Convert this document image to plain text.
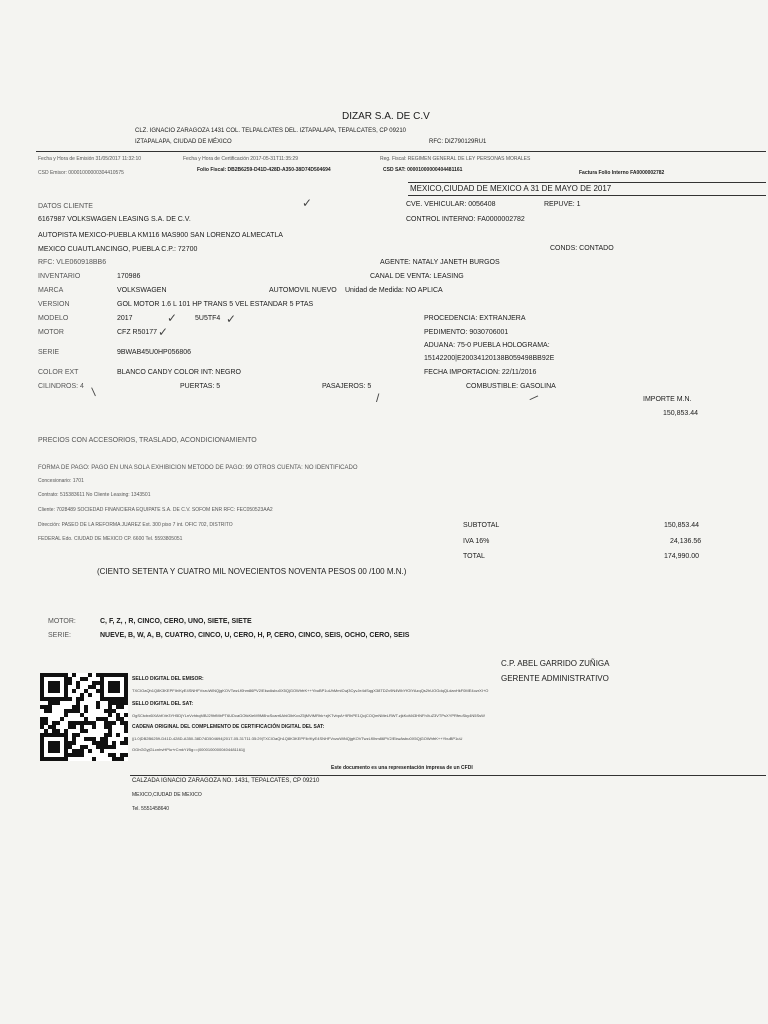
DIZAR S.A. DE C.V
CLZ. IGNACIO ZARAGOZA 1431 COL. TELPALCATES DEL. IZTAPALAPA, TEPALCATES, CP 09210
IZTAPALAPA, CIUDAD DE MÉXICO	RFC: DIZ790129RU1
Fecha y Hora de Emisión 31/05/2017 11:32:10	Fecha y Hora de Certificación 2017-05-31T11:35:29	Reg. Fiscal: REGIMEN GENERAL DE LEY PERSONAS MORALES
CSD Emisor: 00001000000304410575	Folio Fiscal: DB2B6259-D41D-428D-A350-38D74D504694	CSD SAT: 00001000000404481161	Factura Folio Interno FA0000002782
MEXICO,CIUDAD DE MEXICO A 31 DE MAYO DE 2017
DATOS CLIENTE
6167987 VOLKSWAGEN LEASING S.A. DE C.V.
AUTOPISTA MEXICO-PUEBLA KM116 MAS900 SAN LORENZO ALMECATLA
MEXICO CUAUTLANCINGO, PUEBLA C.P.: 72700
RFC: VLE060918BB6
CVE. VEHICULAR: 0056408	REPUVE: 1
CONTROL INTERNO: FA0000002782
CONDS: CONTADO
AGENTE: NATALY JANETH BURGOS
CANAL DE VENTA: LEASING
INVENTARIO	170986
MARCA	VOLKSWAGEN	AUTOMOVIL NUEVO Unidad de Medida: NO APLICA
VERSION	GOL MOTOR 1.6 L 101 HP TRANS 5 VEL ESTANDAR 5 PTAS
MODELO	2017	5U5TF4	PROCEDENCIA: EXTRANJERA
MOTOR	CFZ R50177	PEDIMENTO: 9030706001
ADUANA: 75-0 PUEBLA HOLOGRAMA:
SERIE	9BWAB45U0HP056806
15142200|E20034120138B059498BB92E
COLOR EXT	BLANCO CANDY COLOR INT: NEGRO	FECHA IMPORTACION: 22/11/2016
CILINDROS: 4	PUERTAS: 5	PASAJEROS: 5	COMBUSTIBLE: GASOLINA
✓
✓	✓
✓
/	/	/	IMPORTE M.N.
150,853.44
PRECIOS CON ACCESORIOS, TRASLADO, ACONDICIONAMIENTO
FORMA DE PAGO: PAGO EN UNA SOLA EXHIBICION METODO DE PAGO: 99 OTROS CUENTA: NO IDENTIFICADO
Concesionario: 1701
Contrato: 515383611 No Cliente Leasing: 1343501
Cliente: 7028489 SOCIEDAD FINANCIERA EQUIPATE S.A. DE C.V. SOFOM ENR RFC: FEC050523AA2
Dirección: PASEO DE LA REFORMA JUAREZ Ext. 300 piso 7 int. OFIC 702, DISTRITO
FEDERAL Edo. CIUDAD DE MEXICO CP. 6600 Tel. 5593805051
SUBTOTAL	150,853.44
IVA 16%	24,136.56
TOTAL	174,990.00
(CIENTO SETENTA Y CUATRO MIL NOVECIENTOS NOVENTA PESOS 00 /100 M.N.)
MOTOR:	C, F, Z, , R, CINCO, CERO, UNO, SIETE, SIETE
SERIE:	NUEVE, B, W, A, B, CUATRO, CINCO, U, CERO, H, P, CERO, CINCO, SEIS, OCHO, CERO, SEIS
C.P. ABEL GARRIDO ZUÑIGA
GERENTE ADMINISTRATIVO
SELLO DIGITAL DEL EMISOR:
TXCIOaQh1Q8K3KEPFIlr/KyE4SNHFVxzuWiNQjgKOVTwzLf0hm86PV2/EkwAsbu0X5QjGOWhfrK++YbuBP1uUhMmICwj3CyvJe4dSqgX38TDZv9N4WbYfOIYAzqQs2hUOGdqQLdanHkF0ME4ozrXI+O
SELLO DIGITAL DEL SAT:
OgSCtcbx6lXAhKVe3YH5DjYLnVvhbqMBJ29hfMbPT6UDcaGOtkKieM9M8hcScarr6AhiGlbKcxZ5jMVtMRhk+zjKTvbpA+9RhPE1QcjCOQmNMeLRWT.zjkKoM43HNFhXuZ3VTPsXYPRfeuSky4N5SsW
CADENA ORIGINAL DEL COMPLEMENTO DE CERTIFICACIÓN DIGITAL DEL SAT:
||1.0|DB2B6259-D41D-428D-A350-38D74D504694|2017-05-31T11:35:29|TXCIOaQh1Q8K3KEPFIlr/KyE4SNHFVxzuWiNQjgKOVTwzLf0hm86PV2/EkwAsbu0X5QjGOWhfrK++YbuBP1uU
OGhGGyjGLcnhvHPlu+rCmkYI/5g==|00001000000404481161||
Este documento es una representación impresa de un CFDI
CALZADA IGNACIO ZARAGOZA NO. 1431, TEPALCATES, CP 09210
MEXICO,CIUDAD DE MEXICO
Tel. 5551458640
